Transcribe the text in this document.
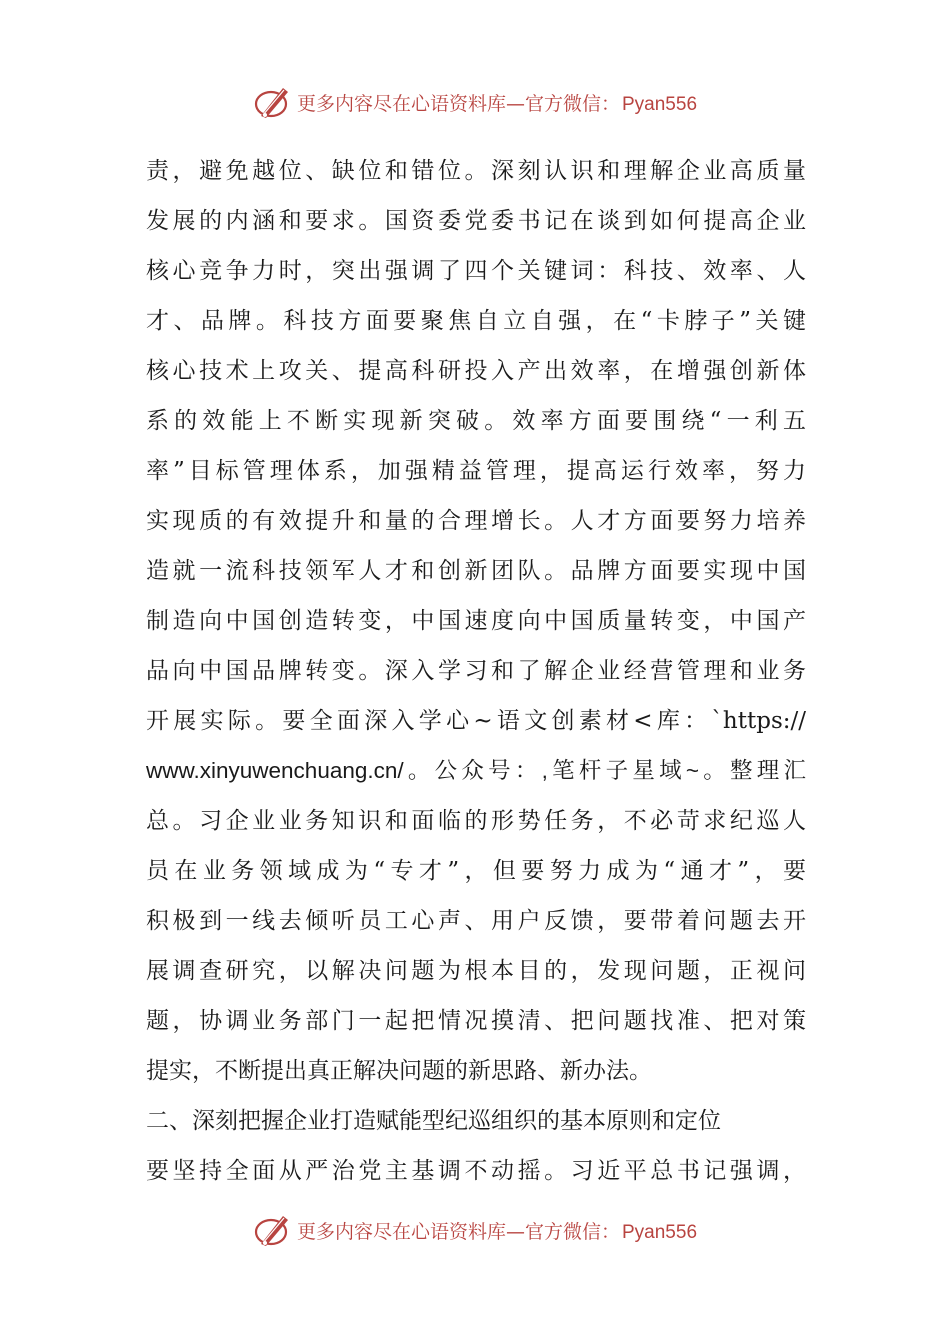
更多内容尽在心语资料库 —官方微信： Pyan556
责，避免越位、缺位和错位。深刻认识和理解企业高质量
发展的内涵和要求。国资委党委书记在谈到如何提高企业
核心竞争力时，突出强调了四个关键词：科技、效率、人
才、品牌。科技方面要聚焦自立自强，在“卡脖子”关键
核心技术上攻关、提高科研投入产出效率，在增强创新体
系的效能上不断实现新突破。效率方面要围绕“一利五
率”目标管理体系，加强精益管理，提高运行效率，努力
实现质的有效提升和量的合理增长。人才方面要努力培养
造就一流科技领军人才和创新团队。品牌方面要实现中国
制造向中国创造转变，中国速度向中国质量转变，中国产
品向中国品牌转变。深入学习和了解企业经营管理和业务
开展实际。要全面深入学心~语文创素材<库：`https://
www.xinyuwenchuang.cn/。公众号：,笔杆子星域~。整理汇
总。习企业业务知识和面临的形势任务，不必苛求纪巡人
员在业务领域成为“专才”，但要努力成为“通才”，要
积极到一线去倾听员工心声、用户反馈，要带着问题去开
展调查研究，以解决问题为根本目的，发现问题，正视问
题，协调业务部门一起把情况摸清、把问题找准、把对策
提实，不断提出真正解决问题的新思路、新办法。
二、深刻把握企业打造赋能型纪巡组织的基本原则和定位
要坚持全面从严治党主基调不动摇。习近平总书记强调，
更多内容尽在心语资料库 —官方微信： Pyan556
